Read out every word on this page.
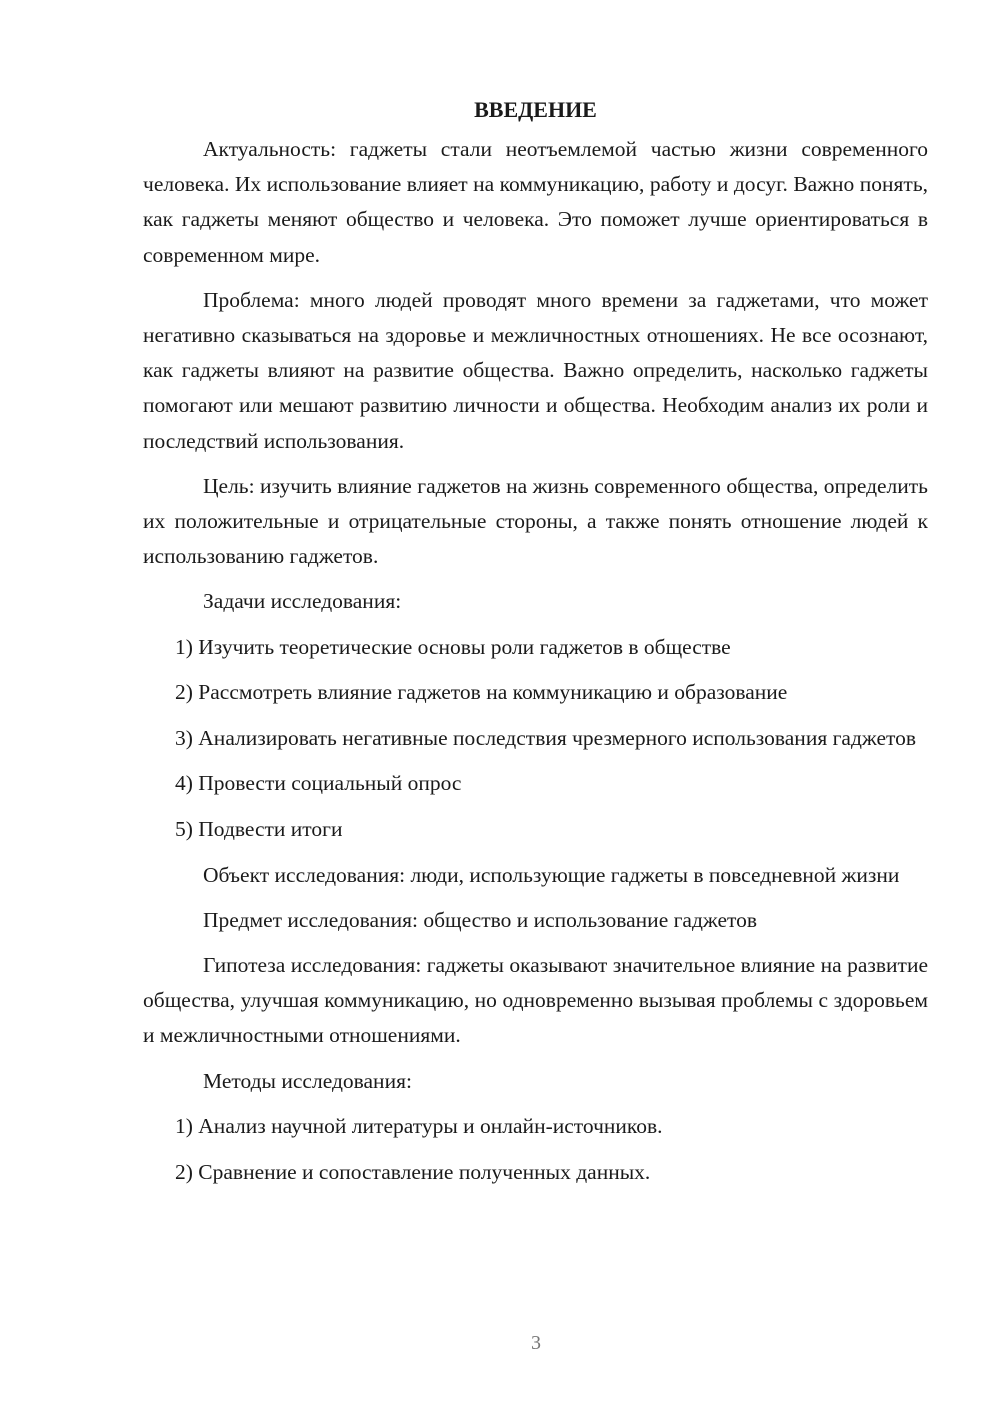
ВВЕДЕНИЕ

Актуальность: гаджеты стали неотъемлемой частью жизни современного человека. Их использование влияет на коммуникацию, работу и досуг. Важно понять, как гаджеты меняют общество и человека. Это поможет лучше ориентироваться в современном мире.

Проблема: много людей проводят много времени за гаджетами, что может негативно сказываться на здоровье и межличностных отношениях. Не все осознают, как гаджеты влияют на развитие общества. Важно определить, насколько гаджеты помогают или мешают развитию личности и общества. Необходим анализ их роли и последствий использования.

Цель: изучить влияние гаджетов на жизнь современного общества, определить их положительные и отрицательные стороны, а также понять отношение людей к использованию гаджетов.

Задачи исследования:

1) Изучить теоретические основы роли гаджетов в обществе

2) Рассмотреть влияние гаджетов на коммуникацию и образование

3) Анализировать негативные последствия чрезмерного использования гаджетов

4) Провести социальный опрос

5) Подвести итоги

Объект исследования: люди, использующие гаджеты в повседневной жизни

Предмет исследования: общество и использование гаджетов

Гипотеза исследования: гаджеты оказывают значительное влияние на развитие общества, улучшая коммуникацию, но одновременно вызывая проблемы с здоровьем и межличностными отношениями.

Методы исследования:

1) Анализ научной литературы и онлайн-источников.

2) Сравнение и сопоставление полученных данных.

3
